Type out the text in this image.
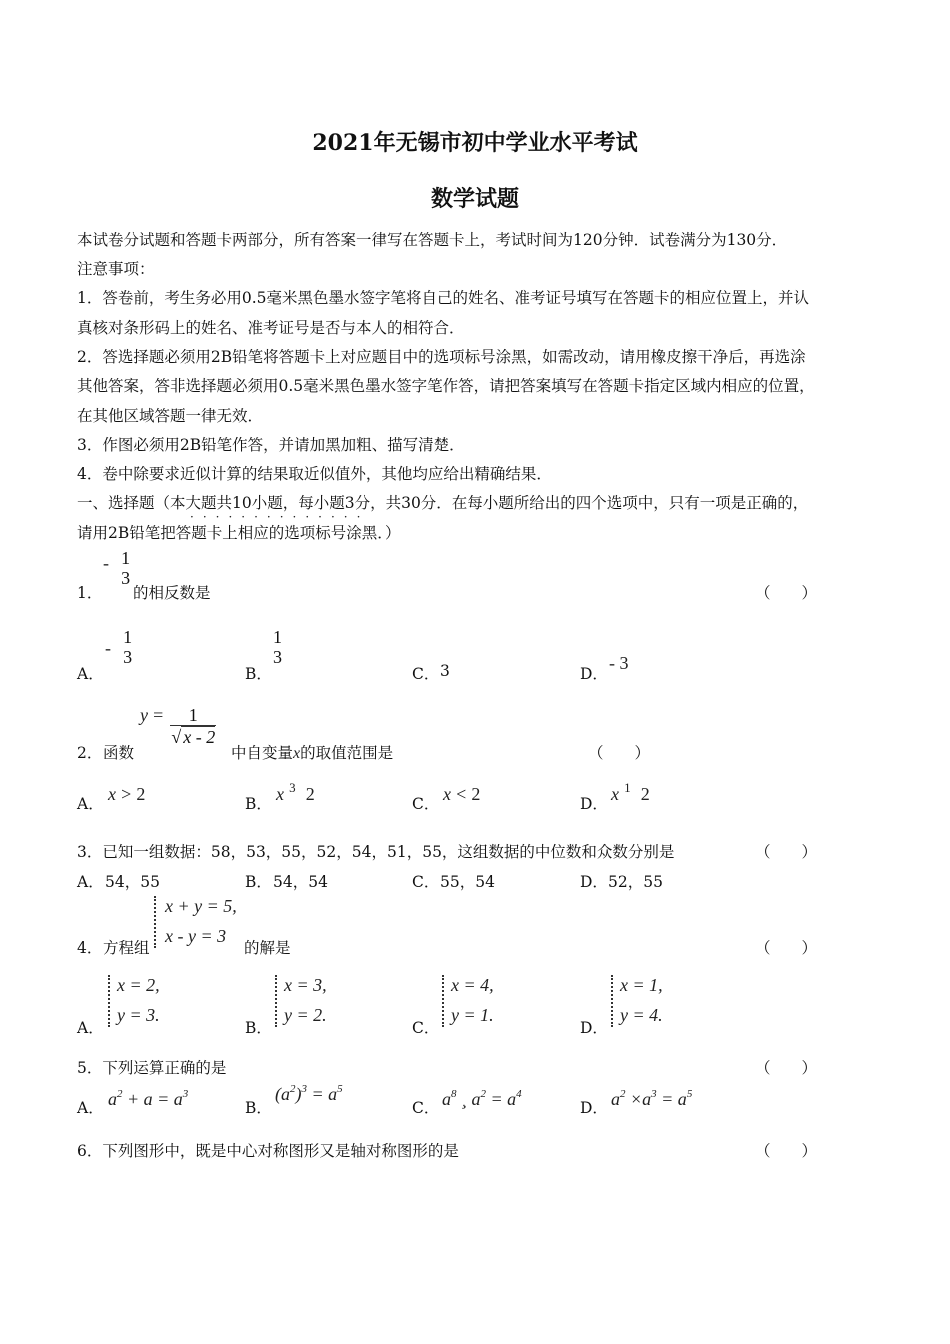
2021年无锡市初中学业水平考试
数学试题
本试卷分试题和答题卡两部分，所有答案一律写在答题卡上，考试时间为120分钟．试卷满分为130分．
注意事项：
1．答卷前，考生务必用0.5毫米黑色墨水签字笔将自己的姓名、准考证号填写在答题卡的相应位置上，并认
真核对条形码上的姓名、准考证号是否与本人的相符合．
2．答选择题必须用2B铅笔将答题卡上对应题目中的选项标号涂黑，如需改动，请用橡皮擦干净后，再选涂
其他答案，答非选择题必须用0.5毫米黑色墨水签字笔作答，请把答案填写在答题卡指定区域内相应的位置，
在其他区域答题一律无效．
3．作图必须用2B铅笔作答，并请加黑加粗、描写清楚．
4．卷中除要求近似计算的结果取近似值外，其他均应给出精确结果．
一、选择题（本大题共10小题，每小题3分，共30分．在每小题所给出的四个选项中，只有一项是正确的，
··············
请用2B铅笔把答题卡上相应的选项标号涂黑．）
1．
- 1
3
的相反数是	（　　）
A．
-
1
3
B．
1
3
C． 3	D．
- 3
2． 函数
$y = \frac{1}{√ x - 2}$
中自变量x的取值范围是	（　　）
A． x > 2	B． x $^3$ 2	C． x < 2	D． x $^1$ 2
3．已知一组数据：58，53，55，52，54，51，55，这组数据的中位数和众数分别是	（　　）
A． 54，55	B． 54，54	C． 55，54	D． 52，55
4． 方程组
x + y = 5,
x - y = 3
的解是	（　　）
A．
x = 2,
y = 3.
B．
x = 3,
y = 2.
C．
x = 4,
y = 1.
D．
x = 1,
y = 4.
5．下列运算正确的是	（　　）
A． $a^2 + a = a^3$
B．
$(a^2)^3 = a^5$
C． $a^8$ ¸ $a^2 = a^4$
D． $a^2 \times a^3 = a^5$
6．下列图形中，既是中心对称图形又是轴对称图形的是	（　　）
